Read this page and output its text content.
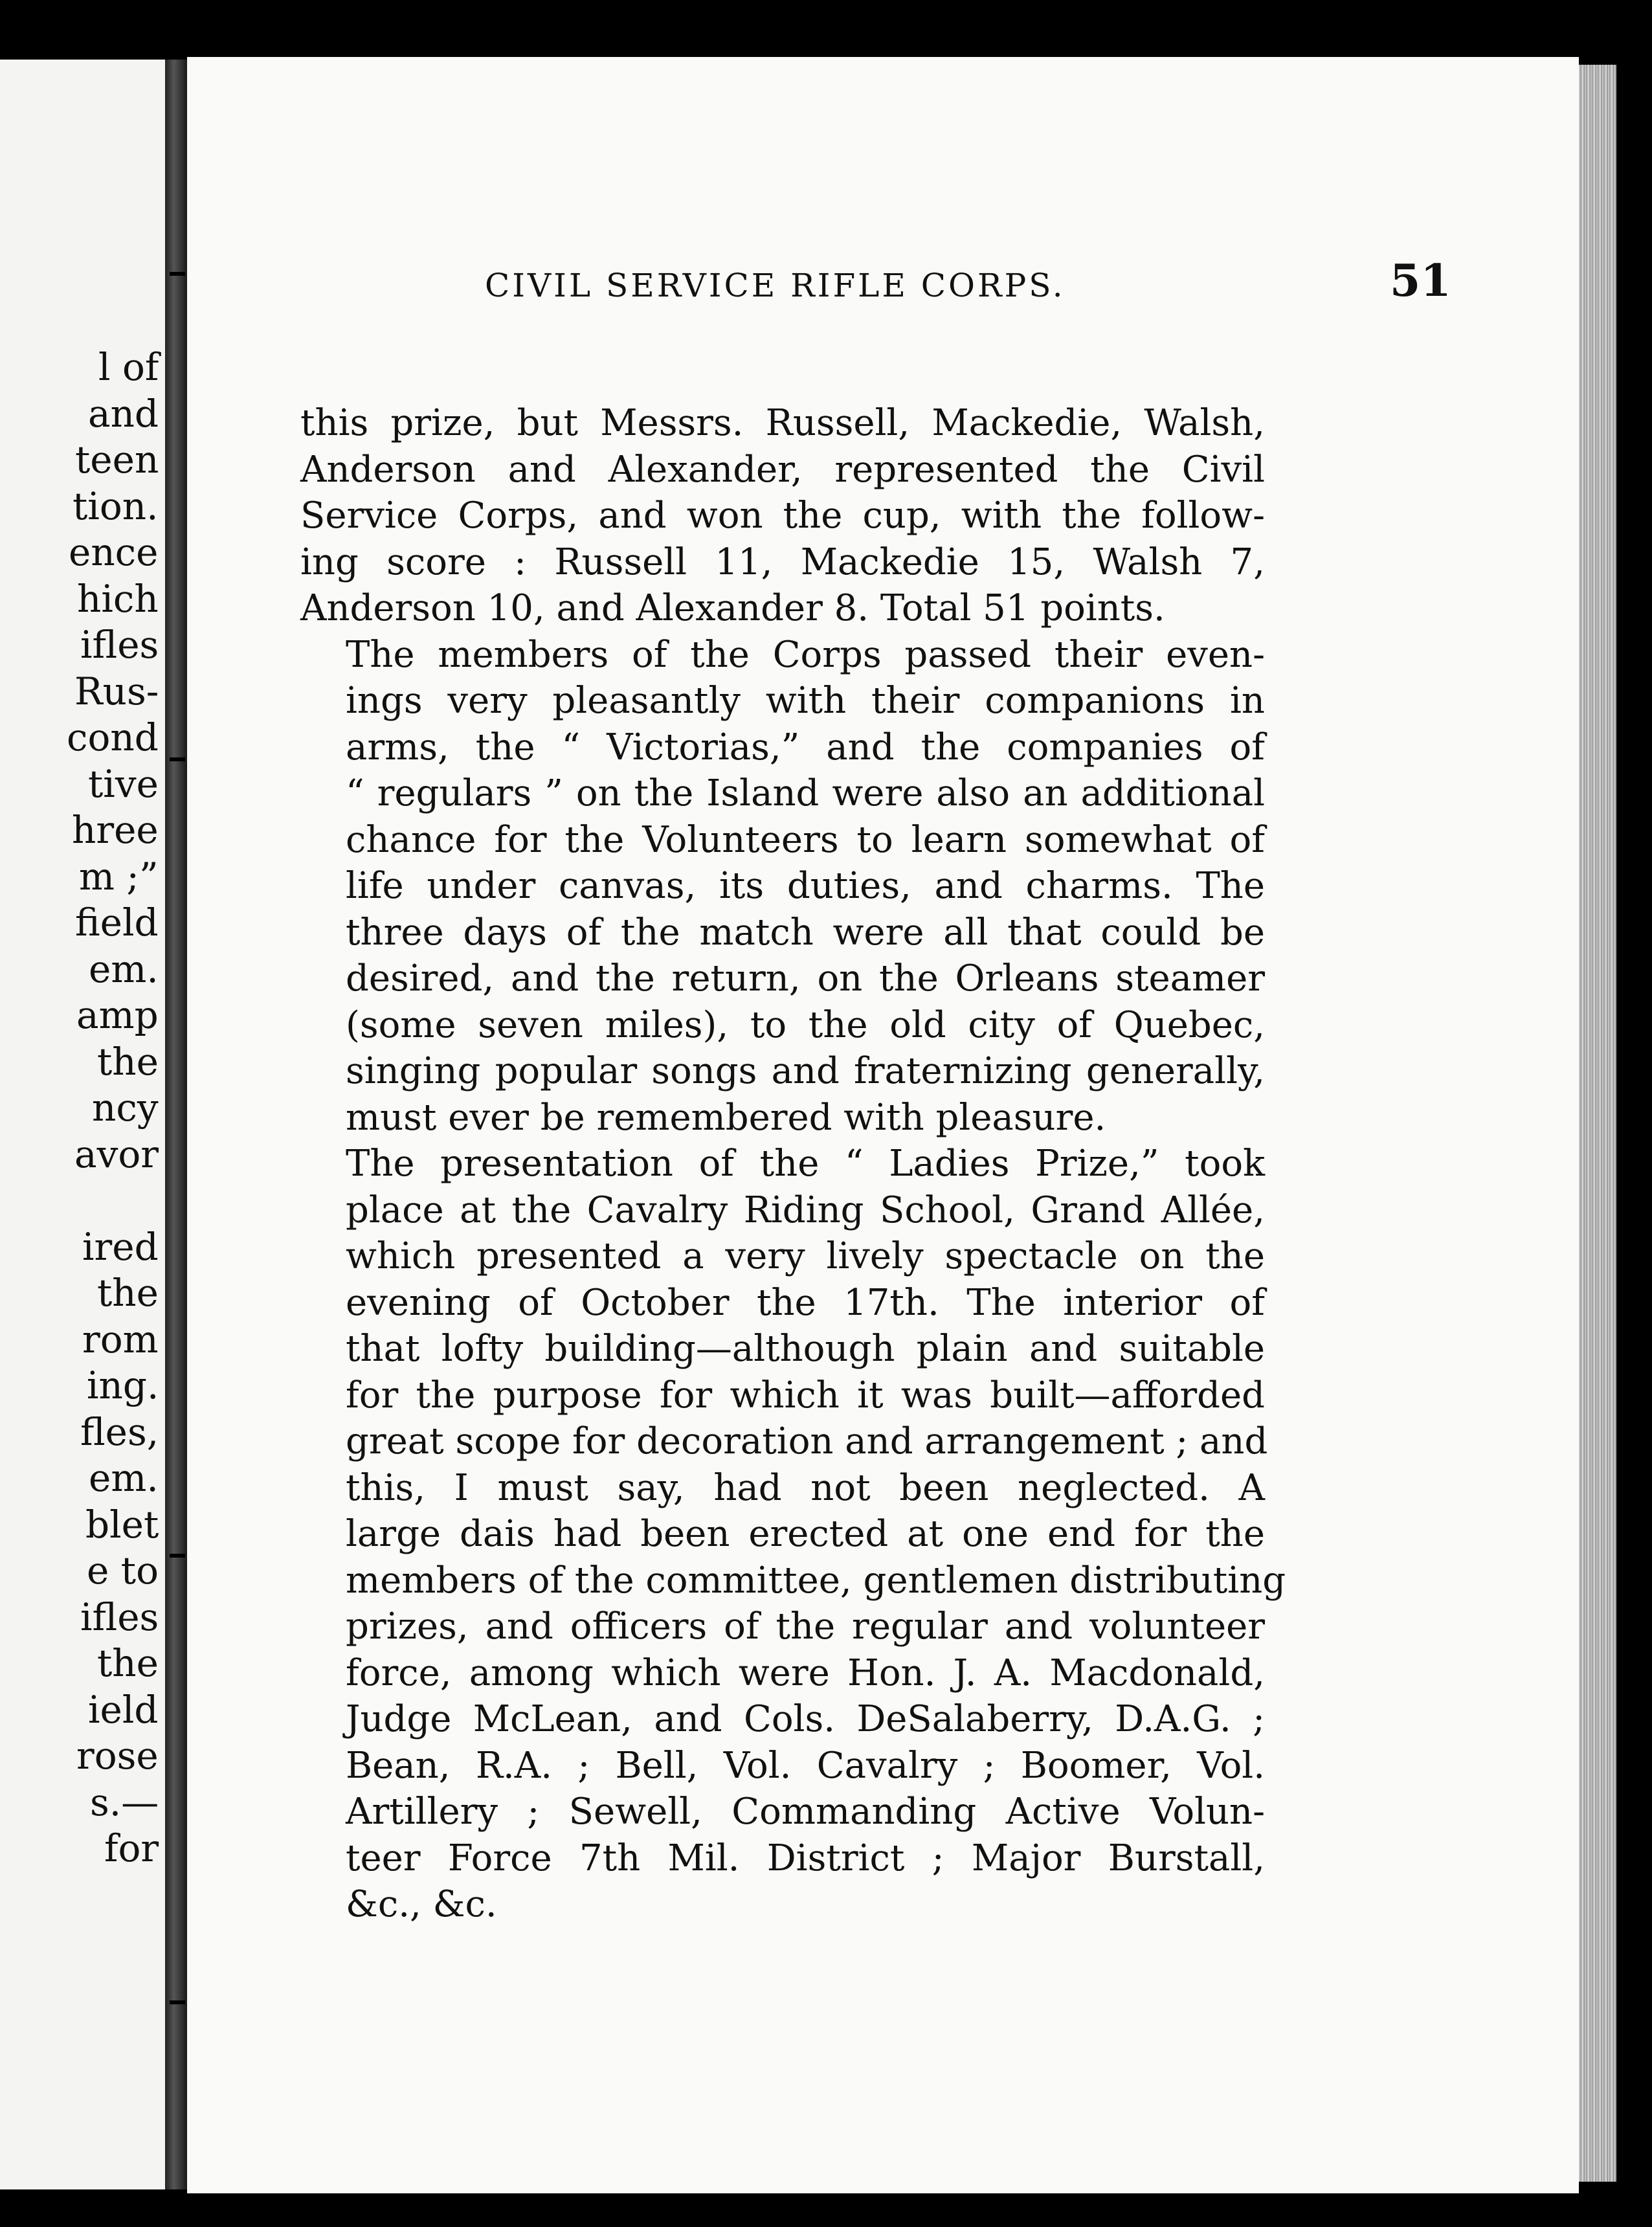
l of
and
teen
tion.
ence
hich
ifles
Rus-
cond
tive
hree
m ;”
field
em.
amp
the
ncy
avor
ired
the
rom
ing.
fles,
em.
blet
e to
ifles
the
ield
rose
s.—
for
CIVIL SERVICE RIFLE CORPS.	51

this prize, but Messrs. Russell, Mackedie, Walsh,
Anderson and Alexander, represented the Civil
Service Corps, and won the cup, with the follow-
ing score : Russell 11, Mackedie 15, Walsh 7,
Anderson 10, and Alexander 8. Total 51 points.

The members of the Corps passed their even-
ings very pleasantly with their companions in
arms, the “ Victorias,” and the companies of
“ regulars ” on the Island were also an additional
chance for the Volunteers to learn somewhat of
life under canvas, its duties, and charms. The
three days of the match were all that could be
desired, and the return, on the Orleans steamer
(some seven miles), to the old city of Quebec,
singing popular songs and fraternizing generally,
must ever be remembered with pleasure.

The presentation of the “ Ladies Prize,” took
place at the Cavalry Riding School, Grand Allée,
which presented a very lively spectacle on the
evening of October the 17th. The interior of
that lofty building—although plain and suitable
for the purpose for which it was built—afforded
great scope for decoration and arrangement ; and
this, I must say, had not been neglected. A
large dais had been erected at one end for the
members of the committee, gentlemen distributing
prizes, and officers of the regular and volunteer
force, among which were Hon. J. A. Macdonald,
Judge McLean, and Cols. DeSalaberry, D.A.G. ;
Bean, R.A. ; Bell, Vol. Cavalry ; Boomer, Vol.
Artillery ; Sewell, Commanding Active Volun-
teer Force 7th Mil. District ; Major Burstall,
&c., &c.
